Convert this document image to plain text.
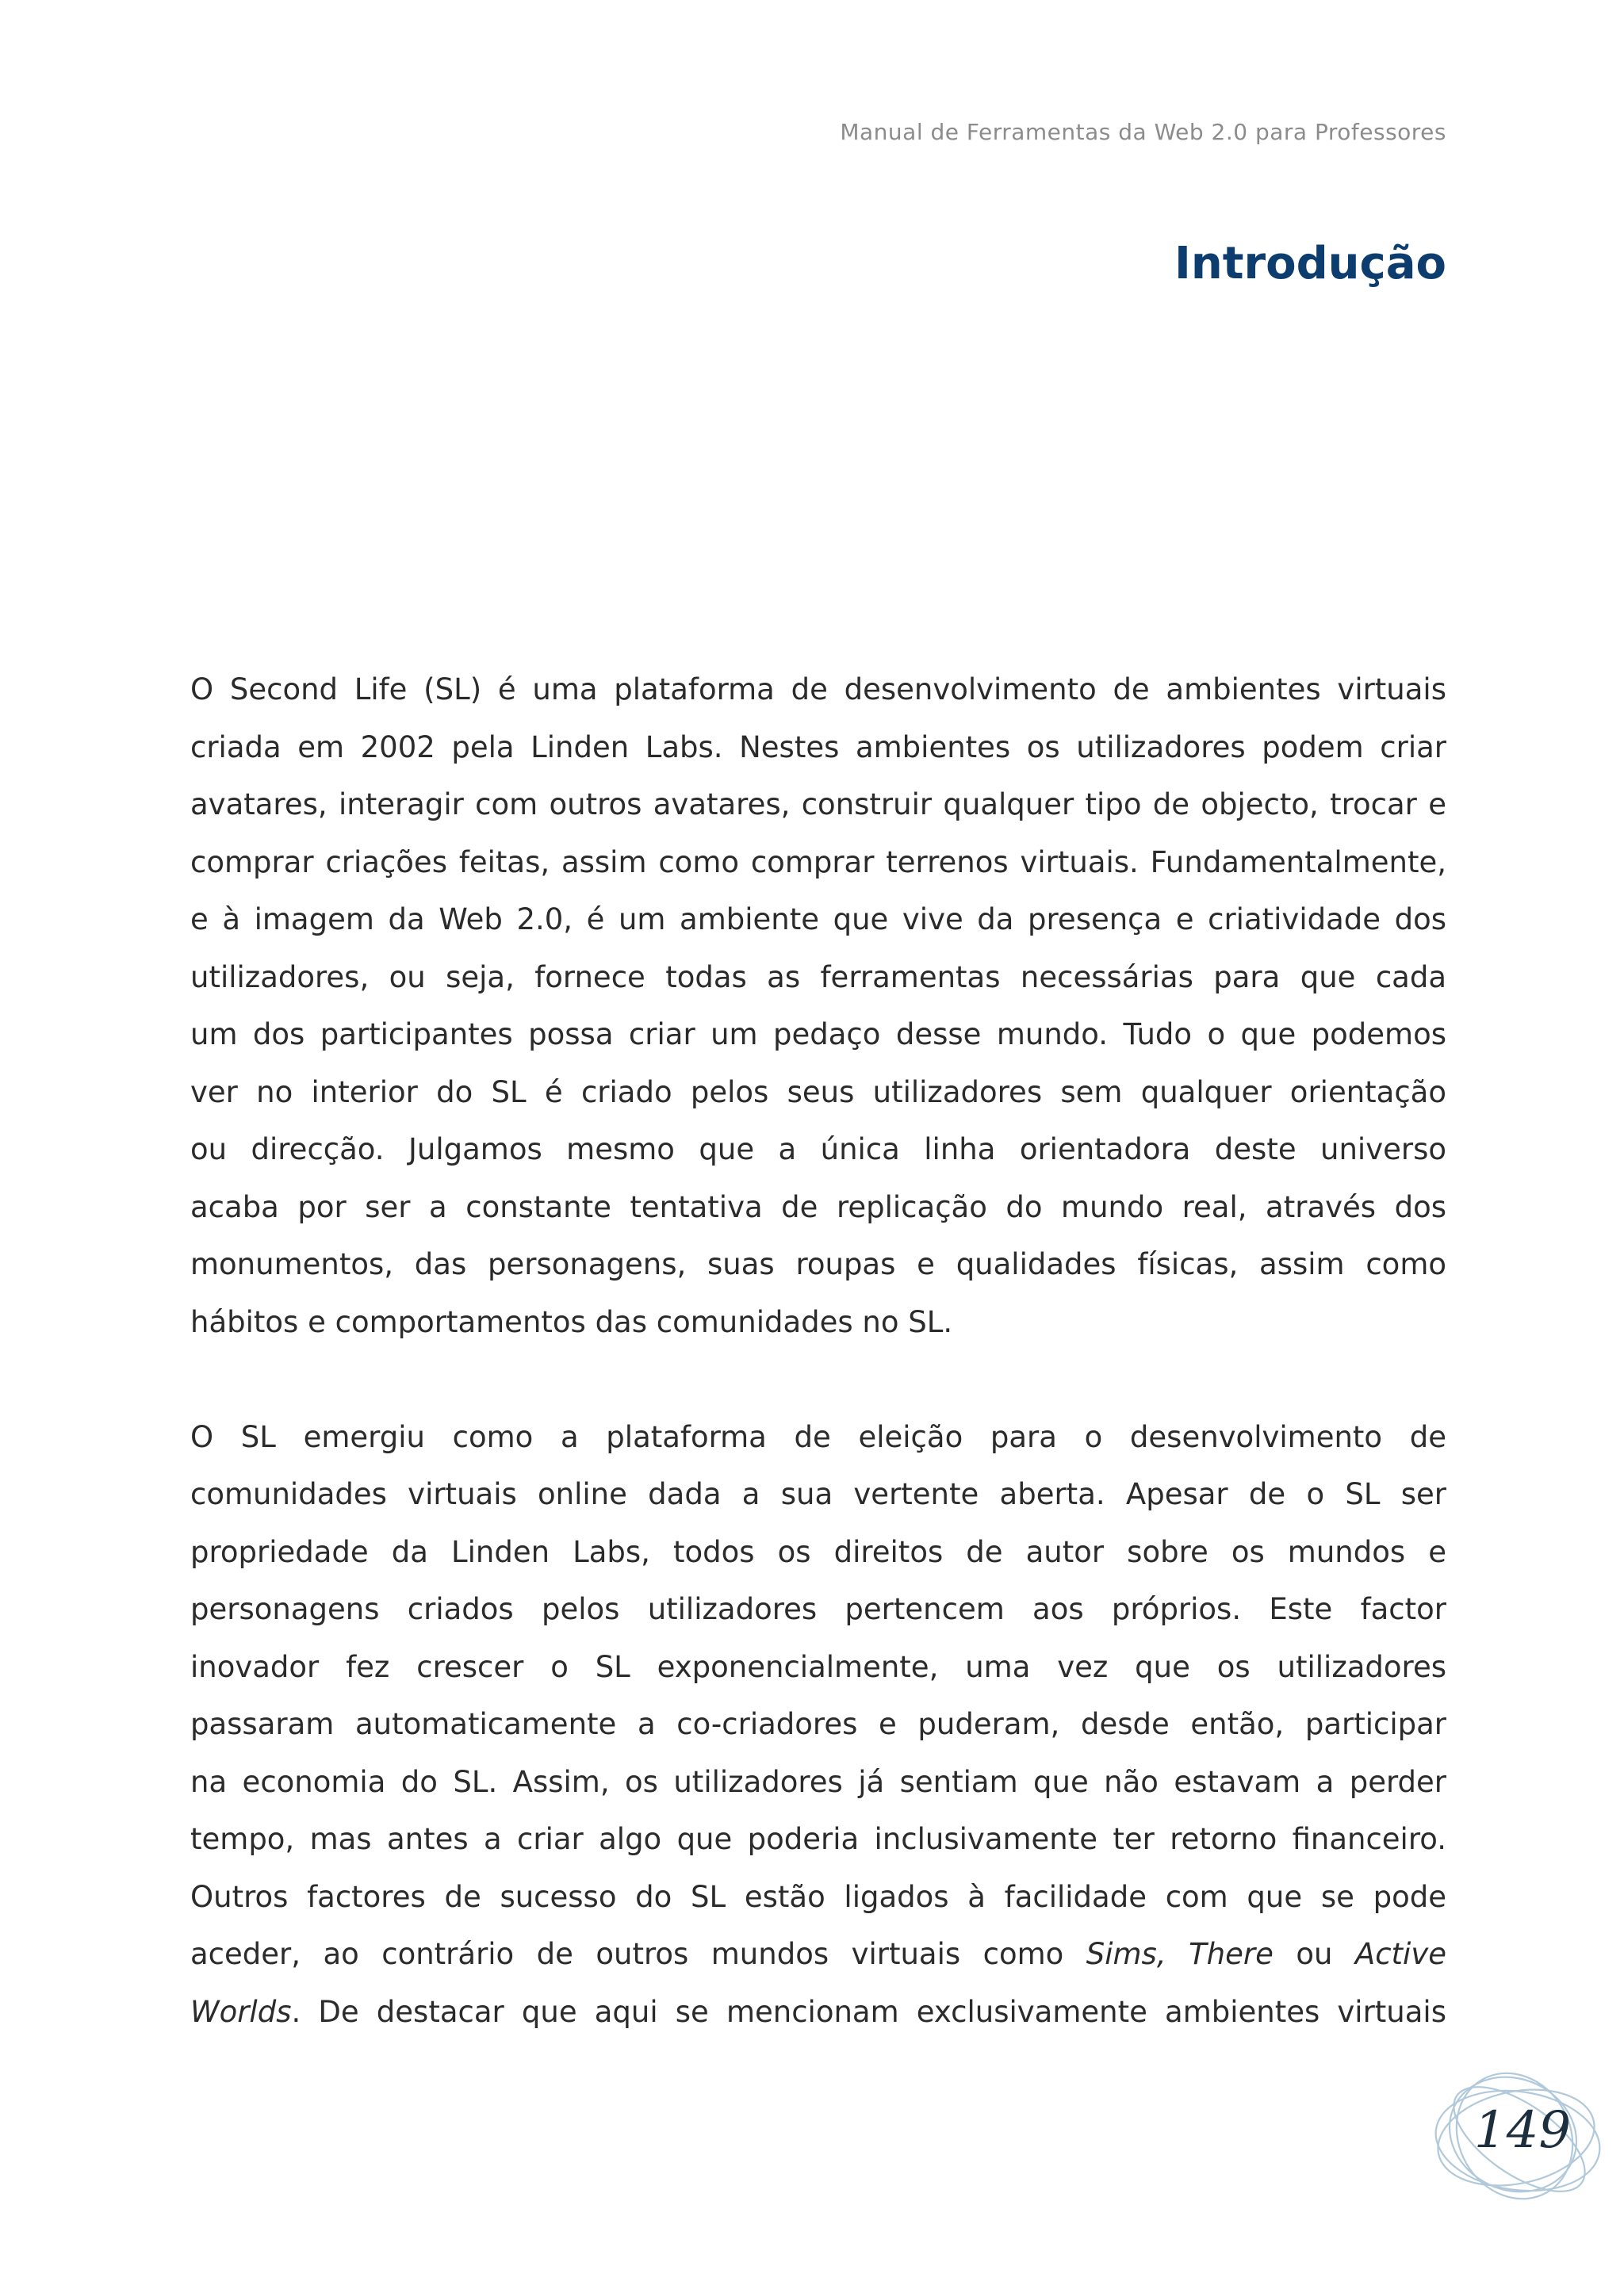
Manual de Ferramentas da Web 2.0 para Professores
Introdução
O Second Life (SL) é uma plataforma de desenvolvimento de ambientes virtuais
criada em 2002 pela Linden Labs. Nestes ambientes os utilizadores podem criar
avatares, interagir com outros avatares, construir qualquer tipo de objecto, trocar e
comprar criações feitas, assim como comprar terrenos virtuais. Fundamentalmente,
e à imagem da Web 2.0, é um ambiente que vive da presença e criatividade dos
utilizadores, ou seja, fornece todas as ferramentas necessárias para que cada
um dos participantes possa criar um pedaço desse mundo. Tudo o que podemos
ver no interior do SL é criado pelos seus utilizadores sem qualquer orientação
ou direcção. Julgamos mesmo que a única linha orientadora deste universo
acaba por ser a constante tentativa de replicação do mundo real, através dos
monumentos, das personagens, suas roupas e qualidades físicas, assim como
hábitos e comportamentos das comunidades no SL.

O SL emergiu como a plataforma de eleição para o desenvolvimento de
comunidades virtuais online dada a sua vertente aberta. Apesar de o SL ser
propriedade da Linden Labs, todos os direitos de autor sobre os mundos e
personagens criados pelos utilizadores pertencem aos próprios. Este factor
inovador fez crescer o SL exponencialmente, uma vez que os utilizadores
passaram automaticamente a co-criadores e puderam, desde então, participar
na economia do SL. Assim, os utilizadores já sentiam que não estavam a perder
tempo, mas antes a criar algo que poderia inclusivamente ter retorno financeiro.
Outros factores de sucesso do SL estão ligados à facilidade com que se pode
aceder, ao contrário de outros mundos virtuais como Sims, There ou Active
Worlds. De destacar que aqui se mencionam exclusivamente ambientes virtuais
149
